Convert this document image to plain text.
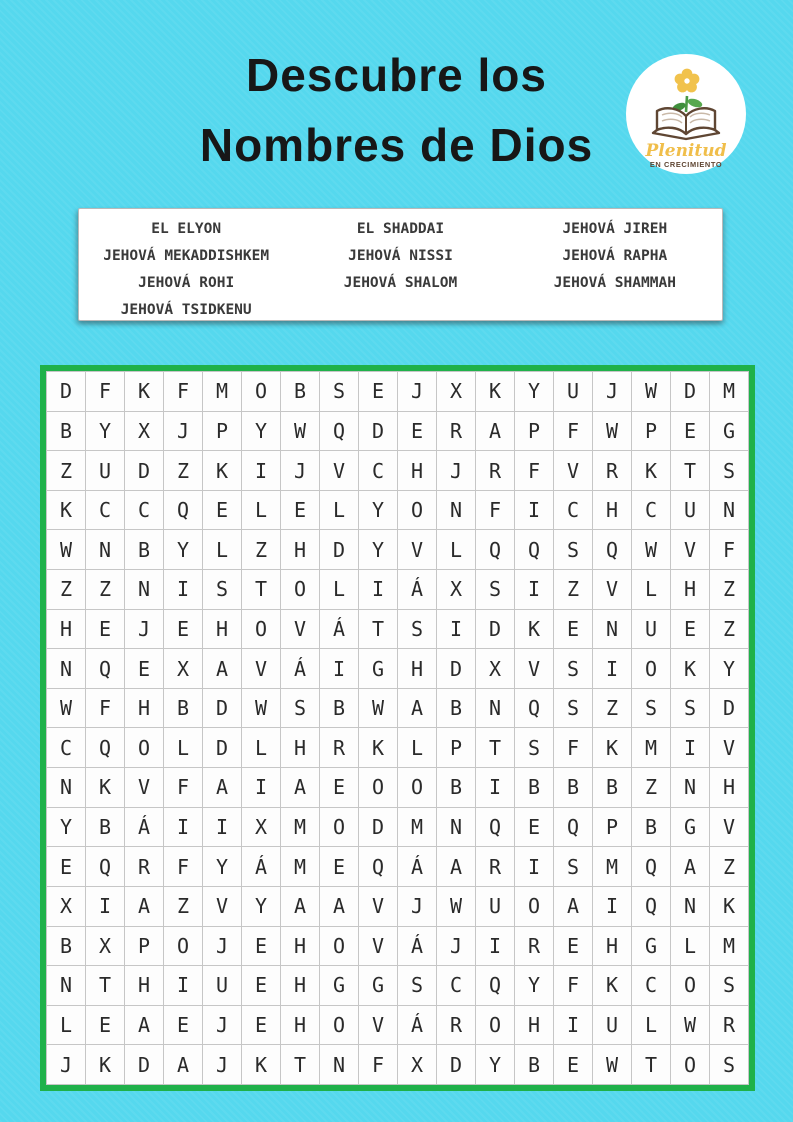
Descubre los
Nombres de Dios	Plenitud
EN CRECIMIENTO
EL ELYON
JEHOVÁ MEKADDISHKEM
JEHOVÁ ROHI
JEHOVÁ TSIDKENU
EL SHADDAI
JEHOVÁ NISSI
JEHOVÁ SHALOM
JEHOVÁ JIREH
JEHOVÁ RAPHA
JEHOVÁ SHAMMAH
D	F	K	F	M	O	B	S	E	J	X	K	Y	U	J	W	D	M
B	Y	X	J	P	Y	W	Q	D	E	R	A	P	F	W	P	E	G
Z	U	D	Z	K	I	J	V	C	H	J	R	F	V	R	K	T	S
K	C	C	Q	E	L	E	L	Y	O	N	F	I	C	H	C	U	N
W	N	B	Y	L	Z	H	D	Y	V	L	Q	Q	S	Q	W	V	F
Z	Z	N	I	S	T	O	L	I	Á	X	S	I	Z	V	L	H	Z
H	E	J	E	H	O	V	Á	T	S	I	D	K	E	N	U	E	Z
N	Q	E	X	A	V	Á	I	G	H	D	X	V	S	I	O	K	Y
W	F	H	B	D	W	S	B	W	A	B	N	Q	S	Z	S	S	D
C	Q	O	L	D	L	H	R	K	L	P	T	S	F	K	M	I	V
N	K	V	F	A	I	A	E	O	O	B	I	B	B	B	Z	N	H
Y	B	Á	I	I	X	M	O	D	M	N	Q	E	Q	P	B	G	V
E	Q	R	F	Y	Á	M	E	Q	Á	A	R	I	S	M	Q	A	Z
X	I	A	Z	V	Y	A	A	V	J	W	U	O	A	I	Q	N	K
B	X	P	O	J	E	H	O	V	Á	J	I	R	E	H	G	L	M
N	T	H	I	U	E	H	G	G	S	C	Q	Y	F	K	C	O	S
L	E	A	E	J	E	H	O	V	Á	R	O	H	I	U	L	W	R
J	K	D	A	J	K	T	N	F	X	D	Y	B	E	W	T	O	S
